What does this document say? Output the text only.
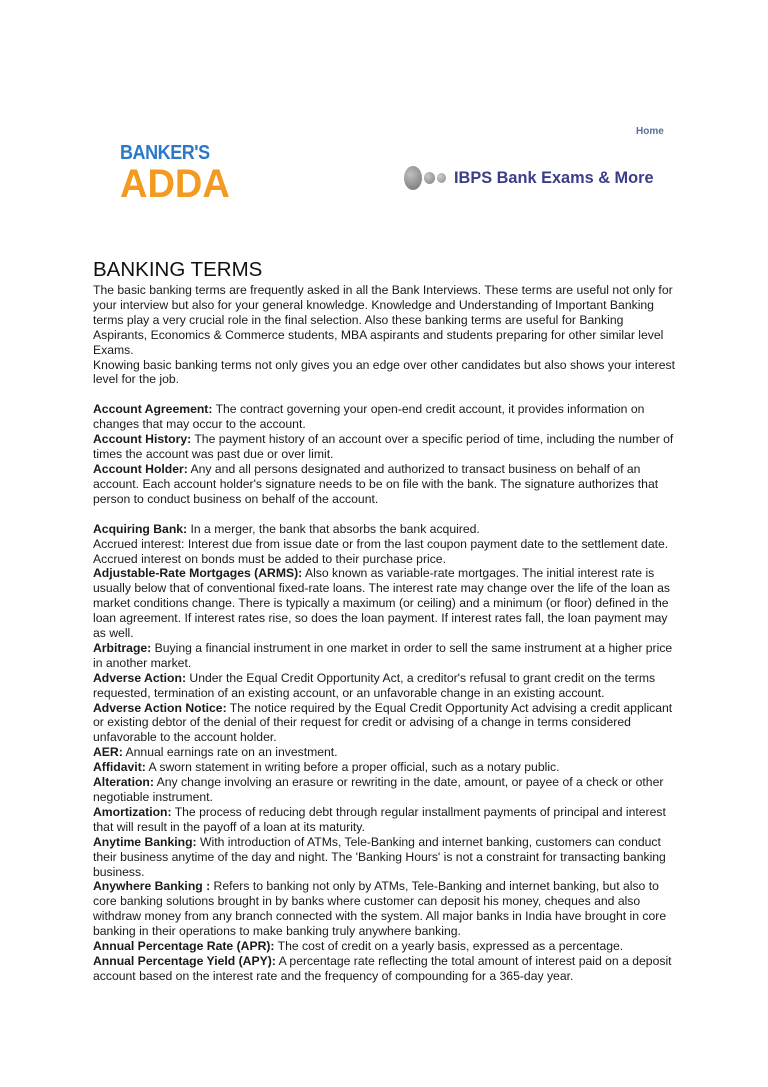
BANKER'S
ADDA
Home
IBPS Bank Exams & More
BANKING TERMS

The basic banking terms are frequently asked in all the Bank Interviews. These terms are useful not only for your interview but also for your general knowledge. Knowledge and Understanding of Important Banking terms play a very crucial role in the final selection. Also these banking terms are useful for Banking Aspirants, Economics & Commerce students, MBA aspirants and students preparing for other similar level Exams.

Knowing basic banking terms not only gives you an edge over other candidates but also shows your interest level for the job.

Account Agreement: The contract governing your open-end credit account, it provides information on changes that may occur to the account.

Account History: The payment history of an account over a specific period of time, including the number of times the account was past due or over limit.

Account Holder: Any and all persons designated and authorized to transact business on behalf of an account. Each account holder's signature needs to be on file with the bank. The signature authorizes that person to conduct business on behalf of the account.

Acquiring Bank: In a merger, the bank that absorbs the bank acquired.

Accrued interest: Interest due from issue date or from the last coupon payment date to the settlement date. Accrued interest on bonds must be added to their purchase price.

Adjustable-Rate Mortgages (ARMS): Also known as variable-rate mortgages. The initial interest rate is usually below that of conventional fixed-rate loans. The interest rate may change over the life of the loan as market conditions change. There is typically a maximum (or ceiling) and a minimum (or floor) defined in the loan agreement. If interest rates rise, so does the loan payment. If interest rates fall, the loan payment may as well.

Arbitrage: Buying a financial instrument in one market in order to sell the same instrument at a higher price in another market.

Adverse Action: Under the Equal Credit Opportunity Act, a creditor's refusal to grant credit on the terms requested, termination of an existing account, or an unfavorable change in an existing account.

Adverse Action Notice: The notice required by the Equal Credit Opportunity Act advising a credit applicant or existing debtor of the denial of their request for credit or advising of a change in terms considered unfavorable to the account holder.

AER: Annual earnings rate on an investment.

Affidavit: A sworn statement in writing before a proper official, such as a notary public.

Alteration: Any change involving an erasure or rewriting in the date, amount, or payee of a check or other negotiable instrument.

Amortization: The process of reducing debt through regular installment payments of principal and interest that will result in the payoff of a loan at its maturity.

Anytime Banking: With introduction of ATMs, Tele-Banking and internet banking, customers can conduct their business anytime of the day and night. The 'Banking Hours' is not a constraint for transacting banking business.

Anywhere Banking : Refers to banking not only by ATMs, Tele-Banking and internet banking, but also to core banking solutions brought in by banks where customer can deposit his money, cheques and also withdraw money from any branch connected with the system. All major banks in India have brought in core banking in their operations to make banking truly anywhere banking.

Annual Percentage Rate (APR): The cost of credit on a yearly basis, expressed as a percentage.

Annual Percentage Yield (APY): A percentage rate reflecting the total amount of interest paid on a deposit account based on the interest rate and the frequency of compounding for a 365-day year.
